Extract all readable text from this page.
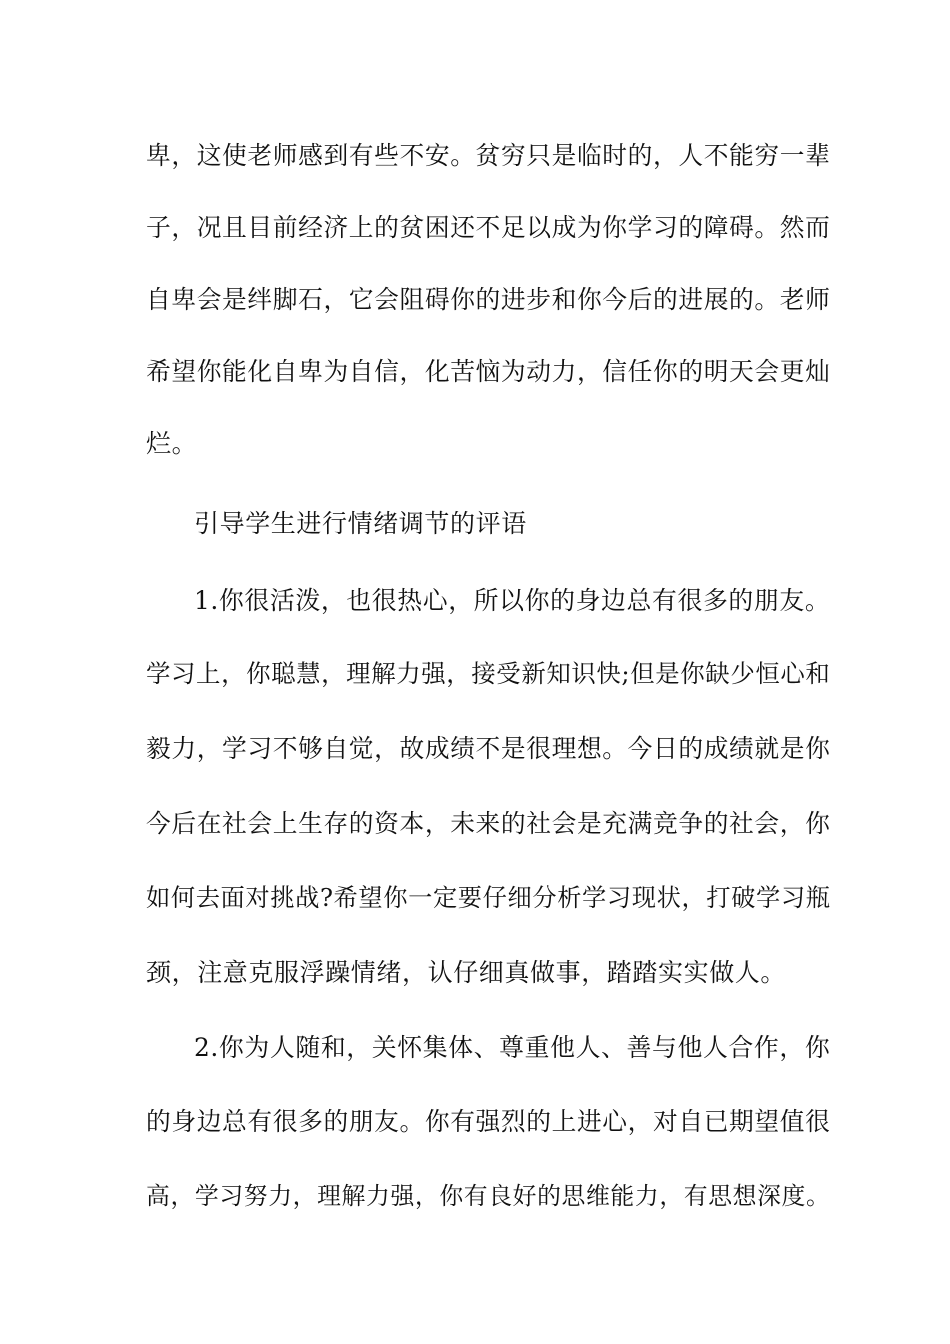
卑，这使老师感到有些不安。贫穷只是临时的，人不能穷一辈
子，况且目前经济上的贫困还不足以成为你学习的障碍。然而
自卑会是绊脚石，它会阻碍你的进步和你今后的进展的。老师
希望你能化自卑为自信，化苦恼为动力，信任你的明天会更灿
烂。
引导学生进行情绪调节的评语
1.你很活泼，也很热心，所以你的身边总有很多的朋友。
学习上，你聪慧，理解力强，接受新知识快;但是你缺少恒心和
毅力，学习不够自觉，故成绩不是很理想。今日的成绩就是你
今后在社会上生存的资本，未来的社会是充满竞争的社会，你
如何去面对挑战?希望你一定要仔细分析学习现状，打破学习瓶
颈，注意克服浮躁情绪，认仔细真做事，踏踏实实做人。
2.你为人随和，关怀集体、尊重他人、善与他人合作，你
的身边总有很多的朋友。你有强烈的上进心，对自已期望值很
高，学习努力，理解力强，你有良好的思维能力，有思想深度。
